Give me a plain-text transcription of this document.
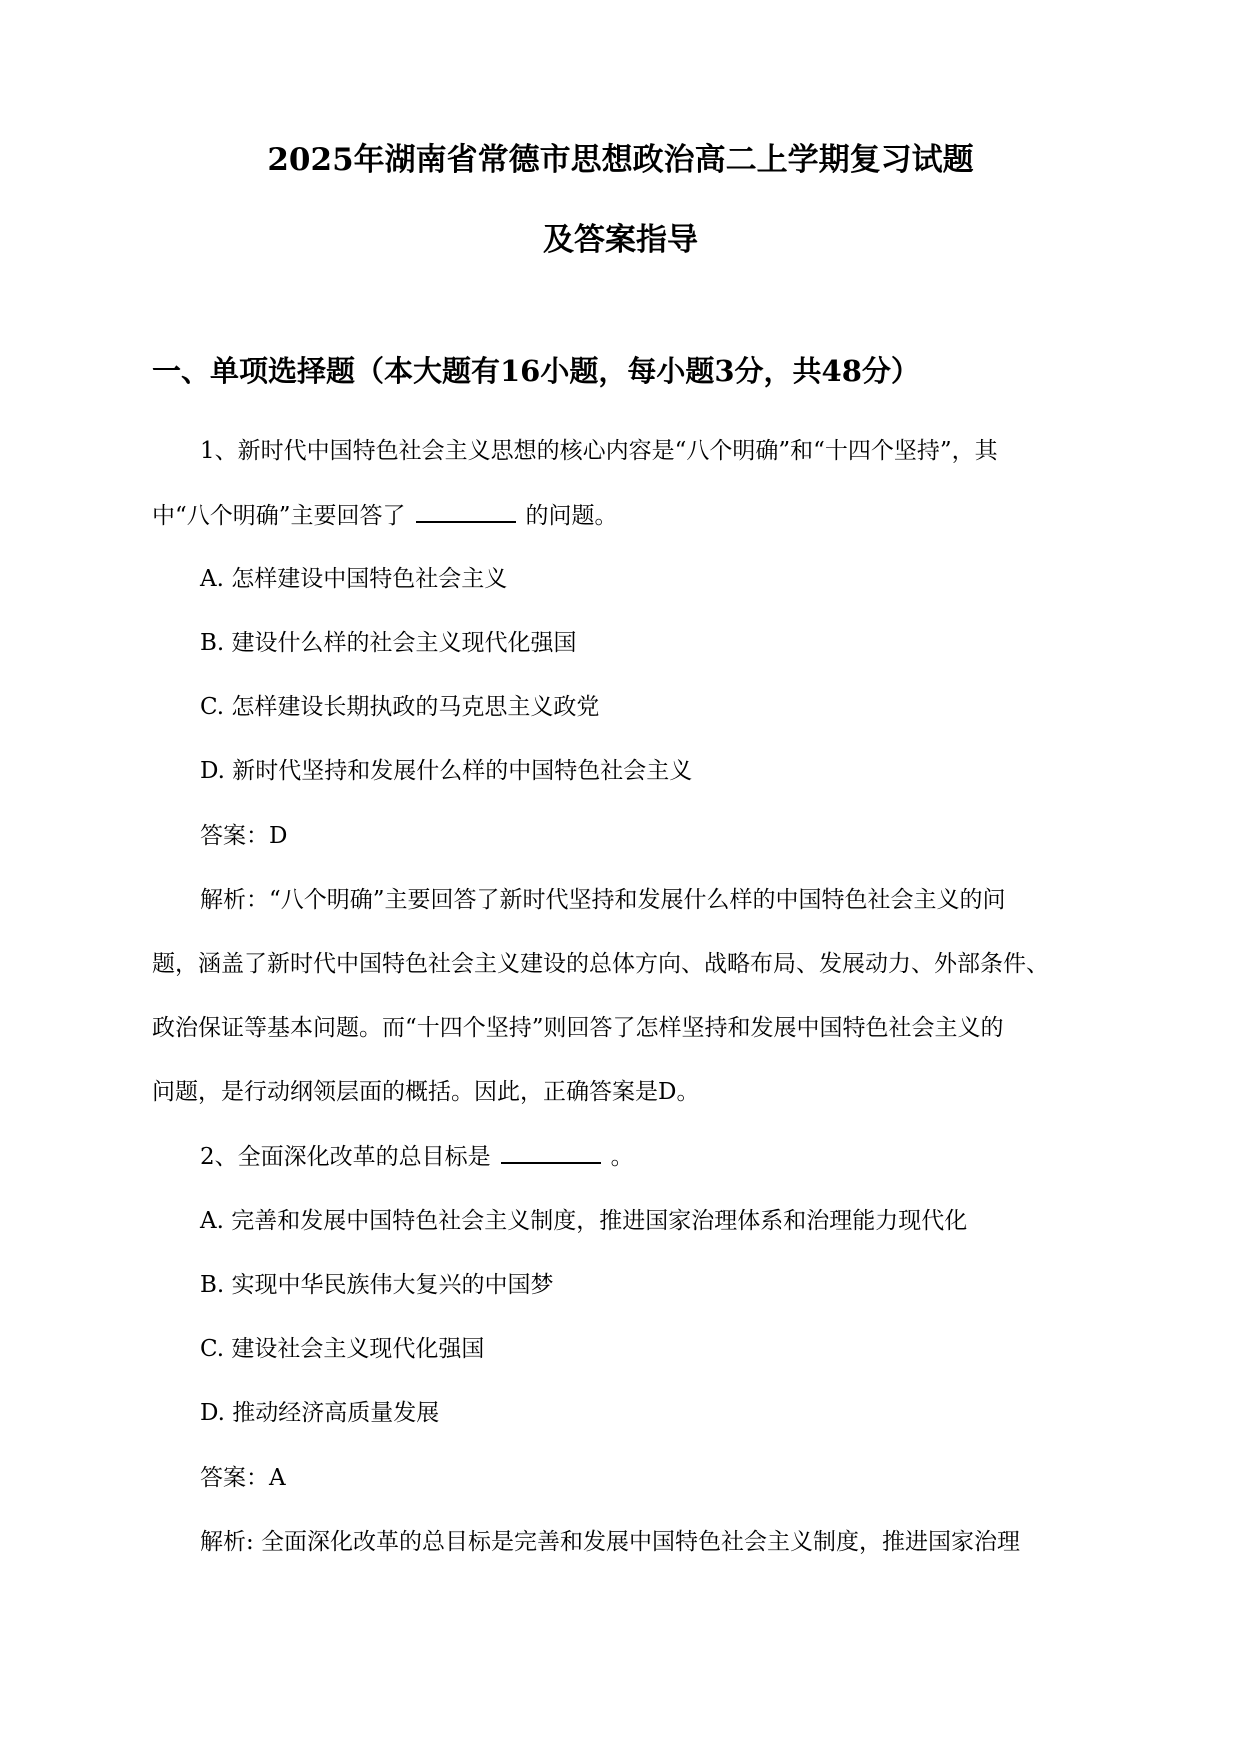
2025年湖南省常德市思想政治高二上学期复习试题
及答案指导
一、单项选择题（本大题有16小题，每小题3分，共48分）
1、新时代中国特色社会主义思想的核心内容是“八个明确”和“十四个坚持”，其
中“八个明确”主要回答了	的问题。
A. 怎样建设中国特色社会主义
B. 建设什么样的社会主义现代化强国
C. 怎样建设长期执政的马克思主义政党
D. 新时代坚持和发展什么样的中国特色社会主义
答案：D
解析：“八个明确”主要回答了新时代坚持和发展什么样的中国特色社会主义的问
题，涵盖了新时代中国特色社会主义建设的总体方向、战略布局、发展动力、外部条件、
政治保证等基本问题。而“十四个坚持”则回答了怎样坚持和发展中国特色社会主义的
问题，是行动纲领层面的概括。因此，正确答案是D。
2、全面深化改革的总目标是	。
A. 完善和发展中国特色社会主义制度，推进国家治理体系和治理能力现代化
B. 实现中华民族伟大复兴的中国梦
C. 建设社会主义现代化强国
D. 推动经济高质量发展
答案：A
解析: 全面深化改革的总目标是完善和发展中国特色社会主义制度，推进国家治理
